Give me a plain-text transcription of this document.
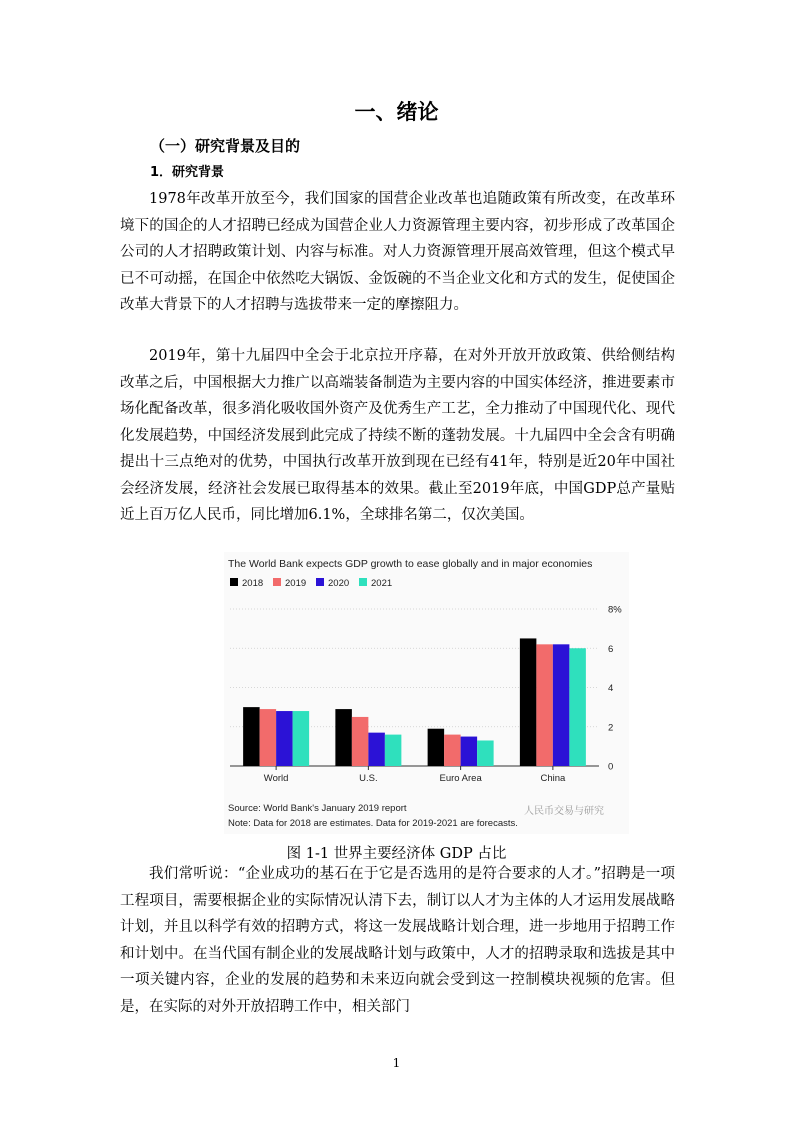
一、绪论
（一）研究背景及目的
1．研究背景

1978年改革开放至今，我们国家的国营企业改革也追随政策有所改变，在改革环境下的国企的人才招聘已经成为国营企业人力资源管理主要内容，初步形成了改革国企公司的人才招聘政策计划、内容与标准。对人力资源管理开展高效管理，但这个模式早已不可动摇，在国企中依然吃大锅饭、金饭碗的不当企业文化和方式的发生，促使国企改革大背景下的人才招聘与选拔带来一定的摩擦阻力。

2019年，第十九届四中全会于北京拉开序幕，在对外开放开放政策、供给侧结构改革之后，中国根据大力推广以高端装备制造为主要内容的中国实体经济，推进要素市场化配备改革，很多消化吸收国外资产及优秀生产工艺，全力推动了中国现代化、现代化发展趋势，中国经济发展到此完成了持续不断的蓬勃发展。十九届四中全会含有明确提出十三点绝对的优势，中国执行改革开放到现在已经有41年，特别是近20年中国社会经济发展，经济社会发展已取得基本的效果。截止至2019年底，中国GDP总产量贴近上百万亿人民币，同比增加6.1%，全球排名第二，仅次美国。

The World Bank expects GDP growth to ease globally and in major economies
2018 2019 2020 2021
0
2
4
6
8%
World	U.S.	Euro Area	China
Source: World Bank's January 2019 report
Note: Data for 2018 are estimates. Data for 2019-2021 are forecasts.
人民币交易与研究
图 1-1 世界主要经济体 GDP 占比

我们常听说：“企业成功的基石在于它是否选用的是符合要求的人才。”招聘是一项工程项目，需要根据企业的实际情况认清下去，制订以人才为主体的人才运用发展战略计划，并且以科学有效的招聘方式，将这一发展战略计划合理，进一步地用于招聘工作和计划中。在当代国有制企业的发展战略计划与政策中，人才的招聘录取和选拔是其中一项关键内容，企业的发展的趋势和未来迈向就会受到这一控制模块视频的危害。但是，在实际的对外开放招聘工作中，相关部门

1
